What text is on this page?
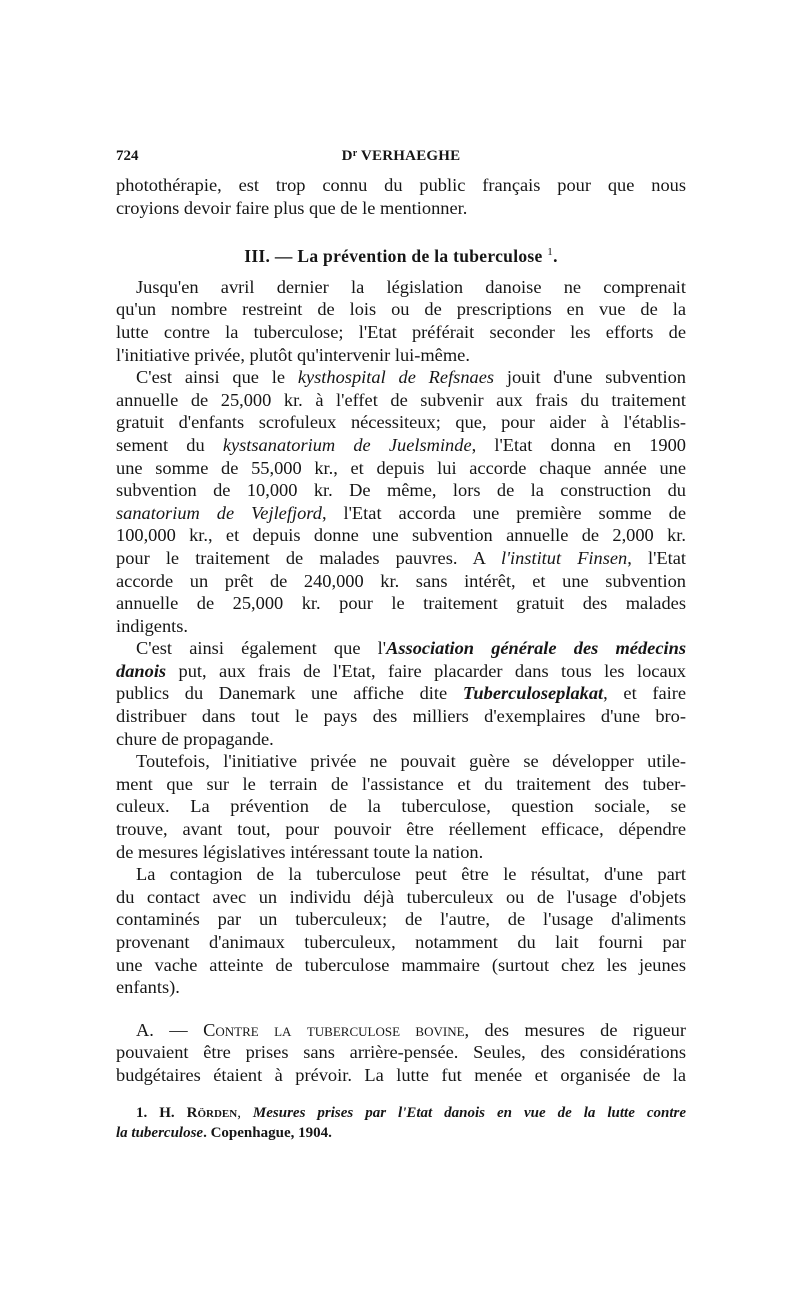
724	$D^r$ VERHAEGHE
photothérapie, est trop connu du public français pour que nous
croyions devoir faire plus que de le mentionner.
III. — La prévention de la tuberculose $^1$.
Jusqu'en avril dernier la législation danoise ne comprenait
qu'un nombre restreint de lois ou de prescriptions en vue de la
lutte contre la tuberculose; l'Etat préférait seconder les efforts de
l'initiative privée, plutôt qu'intervenir lui-même.
C'est ainsi que le kysthospital de Refsnaes jouit d'une subvention
annuelle de 25,000 kr. à l'effet de subvenir aux frais du traitement
gratuit d'enfants scrofuleux nécessiteux; que, pour aider à l'établis-
sement du kystsanatorium de Juelsminde, l'Etat donna en 1900
une somme de 55,000 kr., et depuis lui accorde chaque année une
subvention de 10,000 kr. De même, lors de la construction du
sanatorium de Vejlefjord, l'Etat accorda une première somme de
100,000 kr., et depuis donne une subvention annuelle de 2,000 kr.
pour le traitement de malades pauvres. A l'institut Finsen, l'Etat
accorde un prêt de 240,000 kr. sans intérêt, et une subvention
annuelle de 25,000 kr. pour le traitement gratuit des malades
indigents.
C'est ainsi également que l'Association générale des médecins
danois put, aux frais de l'Etat, faire placarder dans tous les locaux
publics du Danemark une affiche dite Tuberculoseplakat, et faire
distribuer dans tout le pays des milliers d'exemplaires d'une bro-
chure de propagande.
Toutefois, l'initiative privée ne pouvait guère se développer utile-
ment que sur le terrain de l'assistance et du traitement des tuber-
culeux. La prévention de la tuberculose, question sociale, se
trouve, avant tout, pour pouvoir être réellement efficace, dépendre
de mesures législatives intéressant toute la nation.
La contagion de la tuberculose peut être le résultat, d'une part
du contact avec un individu déjà tuberculeux ou de l'usage d'objets
contaminés par un tuberculeux; de l'autre, de l'usage d'aliments
provenant d'animaux tuberculeux, notamment du lait fourni par
une vache atteinte de tuberculose mammaire (surtout chez les jeunes
enfants).
A. — Contre la tuberculose bovine, des mesures de rigueur
pouvaient être prises sans arrière-pensée. Seules, des considérations
budgétaires étaient à prévoir. La lutte fut menée et organisée de la
1. H. Rörden, Mesures prises par l'Etat danois en vue de la lutte contre
la tuberculose. Copenhague, 1904.
